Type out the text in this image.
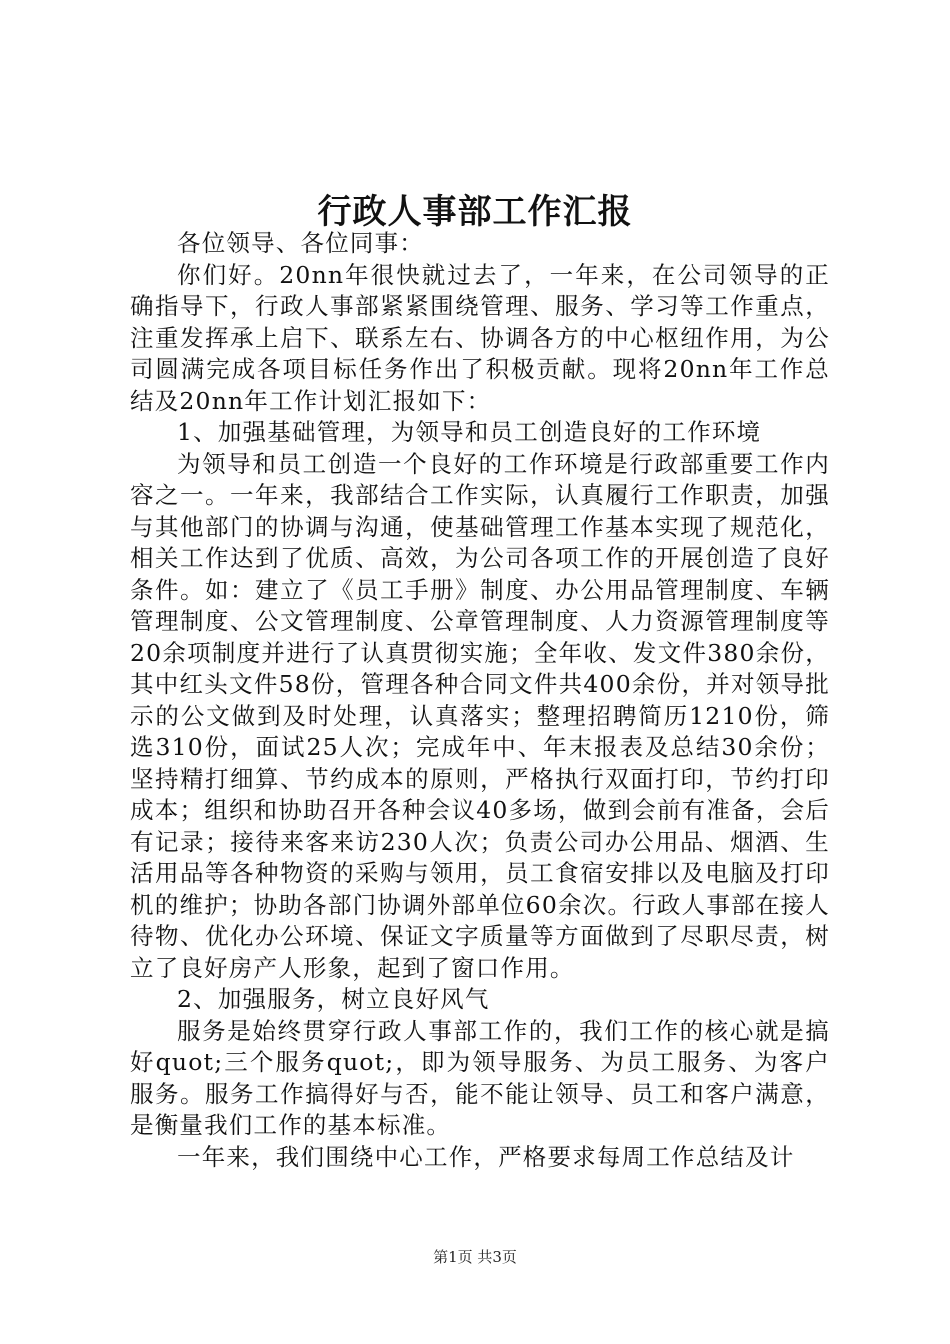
行政人事部工作汇报

各位领导、各位同事：

你们好。20nn年很快就过去了，一年来，在公司领导的正确指导下，行政人事部紧紧围绕管理、服务、学习等工作重点，注重发挥承上启下、联系左右、协调各方的中心枢纽作用，为公司圆满完成各项目标任务作出了积极贡献。现将20nn年工作总结及20nn年工作计划汇报如下：

1、加强基础管理，为领导和员工创造良好的工作环境

为领导和员工创造一个良好的工作环境是行政部重要工作内容之一。一年来，我部结合工作实际，认真履行工作职责，加强与其他部门的协调与沟通，使基础管理工作基本实现了规范化，相关工作达到了优质、高效，为公司各项工作的开展创造了良好条件。如：建立了《员工手册》制度、办公用品管理制度、车辆管理制度、公文管理制度、公章管理制度、人力资源管理制度等20余项制度并进行了认真贯彻实施；全年收、发文件380余份，其中红头文件58份，管理各种合同文件共400余份，并对领导批示的公文做到及时处理，认真落实；整理招聘简历1210份，筛选310份，面试25人次；完成年中、年末报表及总结30余份；坚持精打细算、节约成本的原则，严格执行双面打印，节约打印成本；组织和协助召开各种会议40多场，做到会前有准备，会后有记录；接待来客来访230人次；负责公司办公用品、烟酒、生活用品等各种物资的采购与领用，员工食宿安排以及电脑及打印机的维护；协助各部门协调外部单位60余次。行政人事部在接人待物、优化办公环境、保证文字质量等方面做到了尽职尽责，树立了良好房产人形象，起到了窗口作用。

2、加强服务，树立良好风气

服务是始终贯穿行政人事部工作的，我们工作的核心就是搞好quot;三个服务quot;，即为领导服务、为员工服务、为客户服务。服务工作搞得好与否，能不能让领导、员工和客户满意，是衡量我们工作的基本标准。

一年来，我们围绕中心工作，严格要求每周工作总结及计

第1页 共3页
